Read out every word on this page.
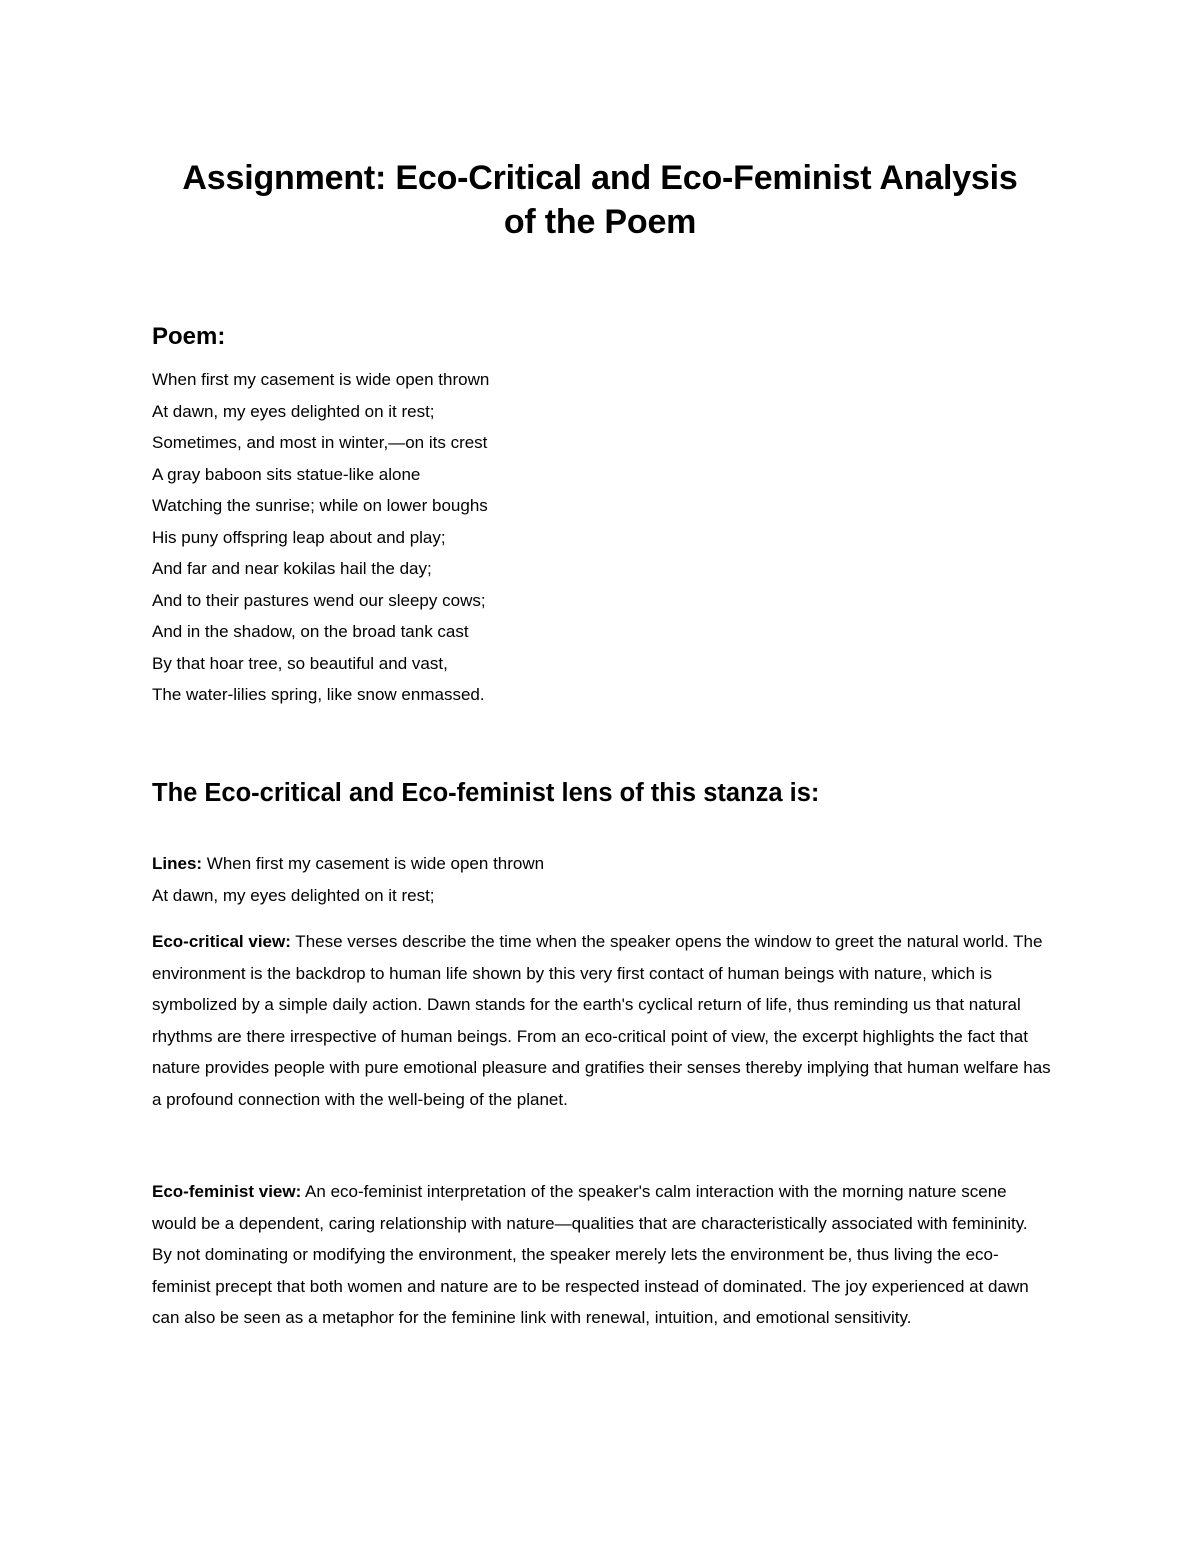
Assignment: Eco-Critical and Eco-Feminist Analysis
of the Poem
Poem:
When first my casement is wide open thrown
At dawn, my eyes delighted on it rest;
Sometimes, and most in winter,—on its crest
A gray baboon sits statue-like alone
Watching the sunrise; while on lower boughs
His puny offspring leap about and play;
And far and near kokilas hail the day;
And to their pastures wend our sleepy cows;
And in the shadow, on the broad tank cast
By that hoar tree, so beautiful and vast,
The water-lilies spring, like snow enmassed.
The Eco-critical and Eco-feminist lens of this stanza is:
Lines: When first my casement is wide open thrown
At dawn, my eyes delighted on it rest;

Eco-critical view: These verses describe the time when the speaker opens the window to greet the natural world. The environment is the backdrop to human life shown by this very first contact of human beings with nature, which is symbolized by a simple daily action. Dawn stands for the earth's cyclical return of life, thus reminding us that natural rhythms are there irrespective of human beings. From an eco-critical point of view, the excerpt highlights the fact that nature provides people with pure emotional pleasure and gratifies their senses thereby implying that human welfare has a profound connection with the well-being of the planet.

Eco-feminist view: An eco-feminist interpretation of the speaker's calm interaction with the morning nature scene would be a dependent, caring relationship with nature—qualities that are characteristically associated with femininity. By not dominating or modifying the environment, the speaker merely lets the environment be, thus living the eco-feminist precept that both women and nature are to be respected instead of dominated. The joy experienced at dawn can also be seen as a metaphor for the feminine link with renewal, intuition, and emotional sensitivity.
